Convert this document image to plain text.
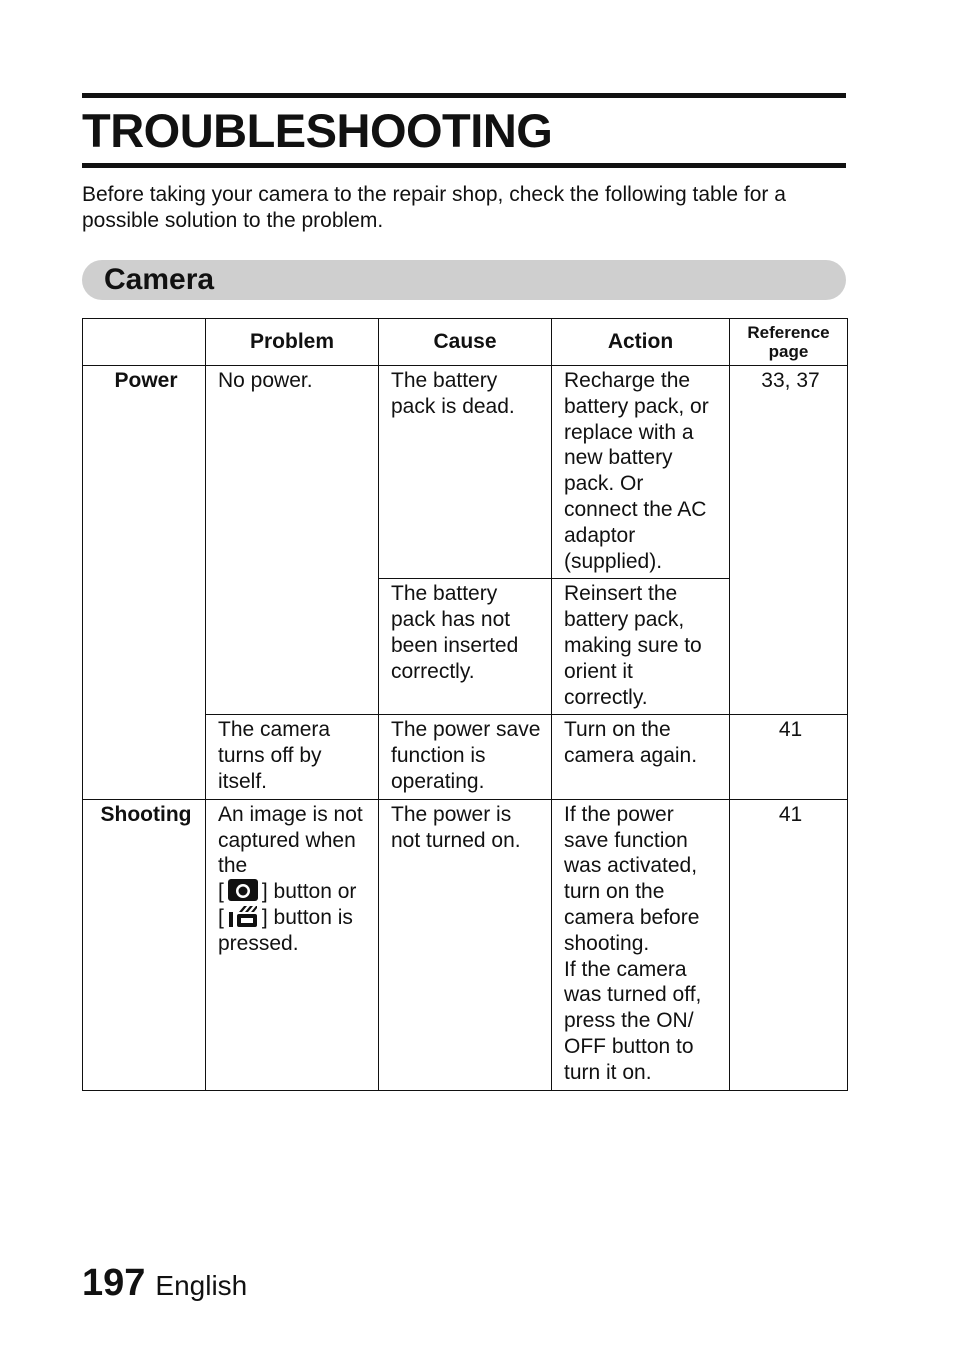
TROUBLESHOOTING
Before taking your camera to the repair shop, check the following table for a possible solution to the problem.
Camera
	Problem	Cause	Action	Reference page
Power	No power.	The battery pack is dead.	Recharge the battery pack, or replace with a new battery pack. Or connect the AC adaptor (supplied).	33, 37
		The battery pack has not been inserted correctly.	Reinsert the battery pack, making sure to orient it correctly.	
	The camera turns off by itself.	The power save function is operating.	Turn on the camera again.	41
Shooting	An image is not captured when the
[ ] button or
[ ] button is pressed.	The power is not turned on.	If the power save function was activated, turn on the camera before shooting.
If the camera was turned off, press the ON/ OFF button to turn it on.	41
197 English
